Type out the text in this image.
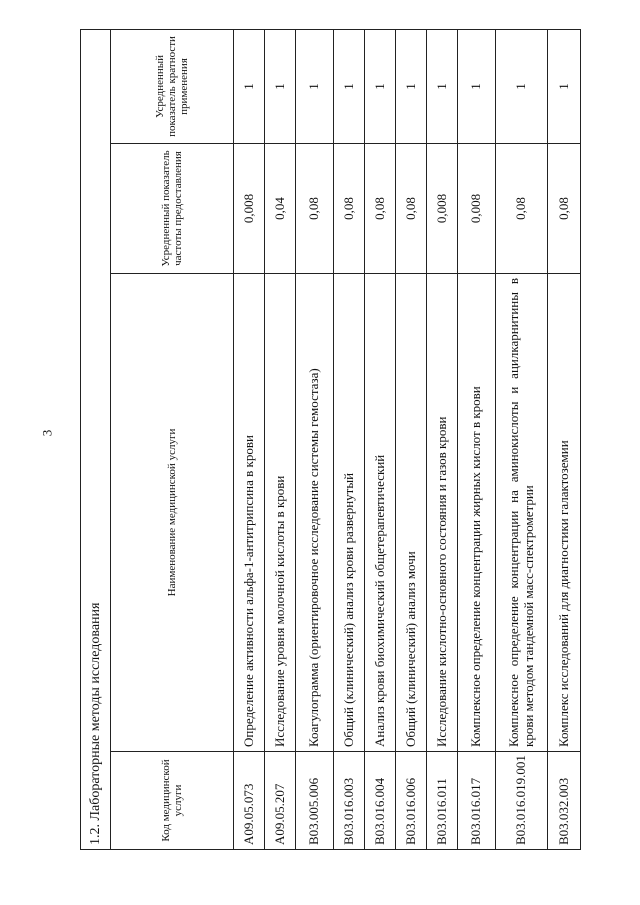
3
1.2. Лабораторные методы исследования			
Код медицинской услуги	Наименование медицинской услуги	Усредненный показатель частоты предоставления	Усредненный показатель кратности применения
A09.05.073	Определение активности альфа-1-антитрипсина в крови	0,008	1
A09.05.207	Исследование уровня молочной кислоты в крови	0,04	1
B03.005.006	Коагулограмма (ориентировочное исследование системы гемостаза)	0,08	1
B03.016.003	Общий (клинический) анализ крови развернутый	0,08	1
B03.016.004	Анализ крови биохимический общетерапевтический	0,08	1
B03.016.006	Общий (клинический) анализ мочи	0,08	1
B03.016.011	Исследование кислотно-основного состояния и газов крови	0,008	1
B03.016.017	Комплексное определение концентрации жирных кислот в крови	0,008	1
B03.016.019.001	Комплексное определение концентрации на аминокислоты и ацилкарнитины в крови методом тандемной масс-спектрометрии	0,08	1
B03.032.003	Комплекс исследований для диагностики галактоземии	0,08	1
